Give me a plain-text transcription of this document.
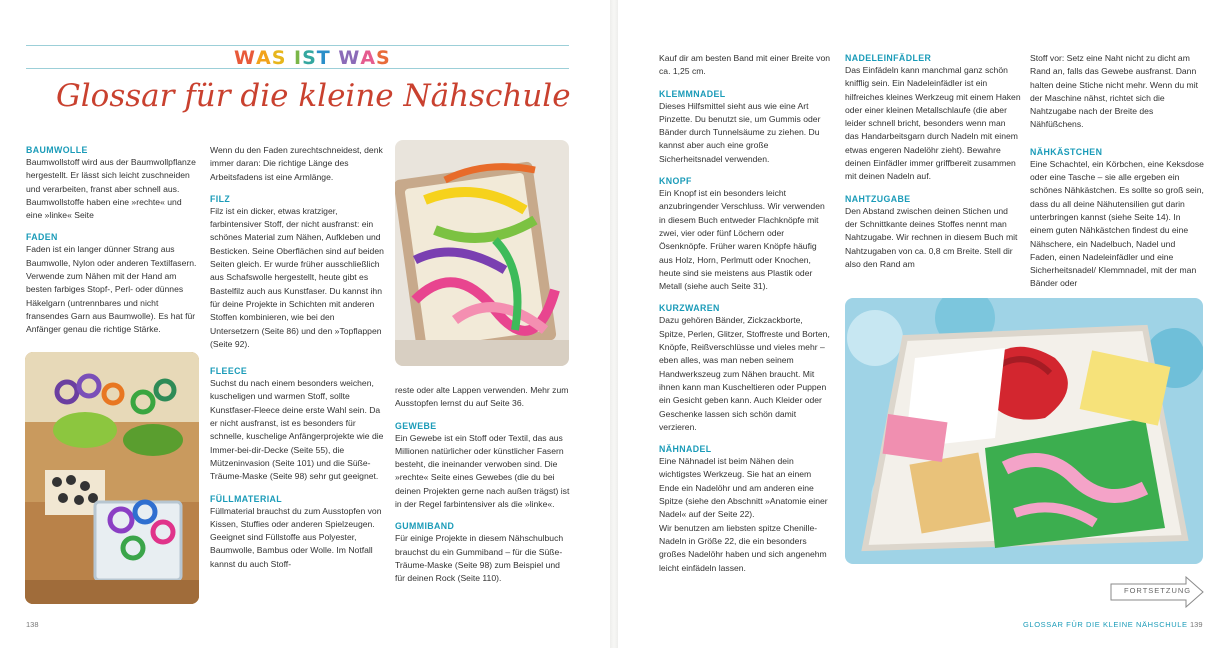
WAS IST WAS
Glossar für die kleine Nähschule
BAUMWOLLE

Baumwollstoff wird aus der Baumwollpflanze hergestellt. Er lässt sich leicht zuschneiden und verarbeiten, franst aber schnell aus. Baumwollstoffe haben eine »rechte« und eine »linke« Seite

FADEN

Faden ist ein langer dünner Strang aus Baumwolle, Nylon oder anderen Textilfasern. Verwende zum Nähen mit der Hand am besten farbiges Stopf-, Perl- oder dünnes Häkelgarn (untrennbares und nicht fransendes Garn aus Baumwolle). Es hat für Anfänger genau die richtige Stärke.

Wenn du den Faden zurechtschneidest, denk immer daran: Die richtige Länge des Arbeitsfadens ist eine Armlänge.

FILZ

Filz ist ein dicker, etwas kratziger, farbintensiver Stoff, der nicht ausfranst: ein schönes Material zum Nähen, Aufkleben und Besticken. Seine Oberflächen sind auf beiden Seiten gleich. Er wurde früher ausschließlich aus Schafswolle hergestellt, heute gibt es Bastelfilz auch aus Kunstfaser. Du kannst ihn für deine Projekte in Schichten mit anderen Stoffen kombinieren, wie bei den Untersetzern (Seite 86) und den »Topflappen (Seite 92).

FLEECE

Suchst du nach einem besonders weichen, kuscheligen und warmen Stoff, sollte Kunstfaser-Fleece deine erste Wahl sein. Da er nicht ausfranst, ist es besonders für schnelle, kuschelige Anfängerprojekte wie die Immer-bei-dir-Decke (Seite 55), die Mützeninvasion (Seite 101) und die Süße-Träume-Maske (Seite 98) sehr gut geeignet.

FÜLLMATERIAL

Füllmaterial brauchst du zum Ausstopfen von Kissen, Stuffies oder anderen Spielzeugen. Geeignet sind Füllstoffe aus Polyester, Baumwolle, Bambus oder Wolle. Im Notfall kannst du auch Stoff-

reste oder alte Lappen verwenden. Mehr zum Ausstopfen lernst du auf Seite 36.

GEWEBE

Ein Gewebe ist ein Stoff oder Textil, das aus Millionen natürlicher oder künstlicher Fasern besteht, die ineinander verwoben sind. Die »rechte« Seite eines Gewebes (die du bei deinen Projekten gerne nach außen trägst) ist in der Regel farbintensiver als die »linke«.

GUMMIBAND

Für einige Projekte in diesem Nähschulbuch brauchst du ein Gummiband – für die Süße-Träume-Maske (Seite 98) zum Beispiel und für deinen Rock (Seite 110).

138

Kauf dir am besten Band mit einer Breite von ca. 1,25 cm.

KLEMMNADEL

Dieses Hilfsmittel sieht aus wie eine Art Pinzette. Du benutzt sie, um Gummis oder Bänder durch Tunnelsäume zu ziehen. Du kannst aber auch eine große Sicherheitsnadel verwenden.

KNOPF

Ein Knopf ist ein besonders leicht anzubringender Verschluss. Wir verwenden in diesem Buch entweder Flachknöpfe mit zwei, vier oder fünf Löchern oder Ösenknöpfe. Früher waren Knöpfe häufig aus Holz, Horn, Perlmutt oder Knochen, heute sind sie meistens aus Plastik oder Metall (siehe auch Seite 31).

KURZWAREN

Dazu gehören Bänder, Zickzackborte, Spitze, Perlen, Glitzer, Stoffreste und Borten, Knöpfe, Reißverschlüsse und vieles mehr – eben alles, was man neben seinem Handwerkszeug zum Nähen braucht. Mit ihnen kann man Kuscheltieren oder Puppen ein Gesicht geben kann. Auch Kleider oder Geschenke lassen sich schön damit verzieren.

NÄHNADEL

Eine Nähnadel ist beim Nähen dein wichtigstes Werkzeug. Sie hat an einem Ende ein Nadelöhr und am anderen eine Spitze (siehe den Abschnitt »Anatomie einer Nadel« auf der Seite 22).

Wir benutzen am liebsten spitze Chenille-Nadeln in Größe 22, die ein besonders großes Nadelöhr haben und sich angenehm leicht einfädeln lassen.

NADELEINFÄDLER

Das Einfädeln kann manchmal ganz schön knifflig sein. Ein Nadeleinfädler ist ein hilfreiches kleines Werkzeug mit einem Haken oder einer kleinen Metallschlaufe (die aber leider schnell bricht, besonders wenn man das Handarbeitsgarn durch Nadeln mit einem etwas engeren Nadelöhr zieht). Bewahre deinen Einfädler immer griffbereit zusammen mit deinen Nadeln auf.

NAHTZUGABE

Den Abstand zwischen deinen Stichen und der Schnittkante deines Stoffes nennt man Nahtzugabe. Wir rechnen in diesem Buch mit Nahtzugaben von ca. 0,8 cm Breite. Stell dir also den Rand am

Stoff vor: Setz eine Naht nicht zu dicht am Rand an, falls das Gewebe ausfranst. Dann halten deine Stiche nicht mehr. Wenn du mit der Maschine nähst, richtet sich die Nahtzugabe nach der Breite des Nähfüßchens.

NÄHKÄSTCHEN

Eine Schachtel, ein Körbchen, eine Keksdose oder eine Tasche – sie alle ergeben ein schönes Nähkästchen. Es sollte so groß sein, dass du all deine Nähutensilien gut darin unterbringen kannst (siehe Seite 14). In einem guten Nähkästchen findest du eine Nähschere, ein Nadelbuch, Nadel und Faden, einen Nadeleinfädler und eine Sicherheitsnadel/ Klemmnadel, mit der man Bänder oder

FORTSETZUNG
GLOSSAR FÜR DIE KLEINE NÄHSCHULE 139
